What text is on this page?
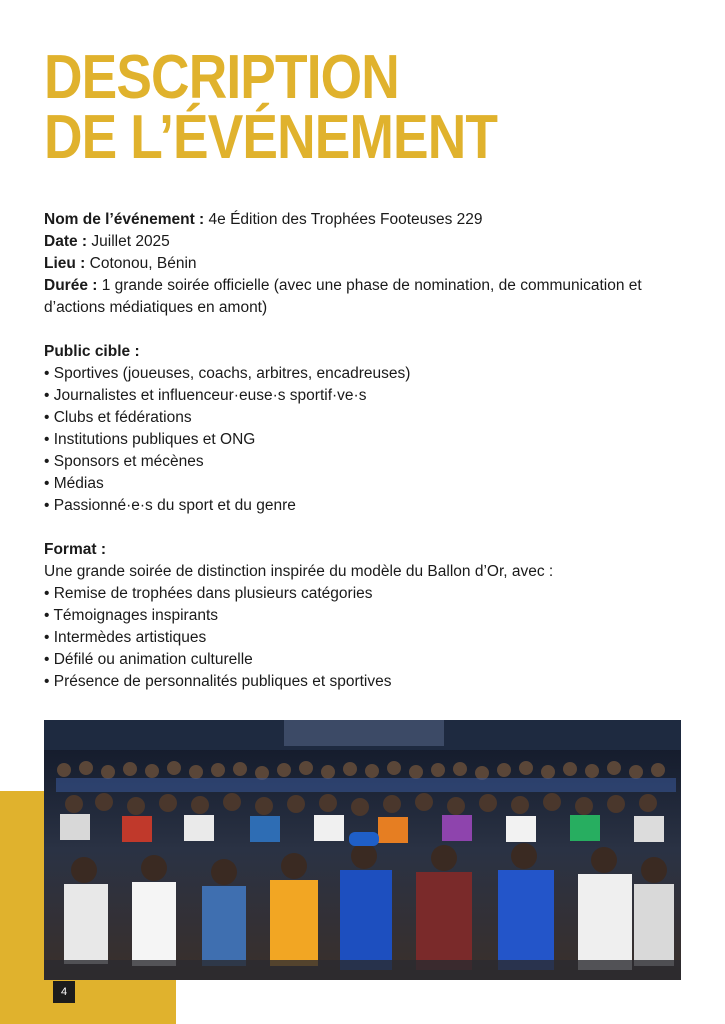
DESCRIPTION
DE L’ÉVÉNEMENT

Nom de l’événement : 4e Édition des Trophées Footeuses 229

Date : Juillet 2025

Lieu : Cotonou, Bénin

Durée : 1 grande soirée officielle (avec une phase de nomination, de communication et d’actions médiatiques en amont)

Public cible :
• Sportives (joueuses, coachs, arbitres, encadreuses)
• Journalistes et influenceur·euse·s sportif·ve·s
• Clubs et fédérations
• Institutions publiques et ONG
• Sponsors et mécènes
• Médias
• Passionné·e·s du sport et du genre
Format :

Une grande soirée de distinction inspirée du modèle du Ballon d’Or, avec :

• Remise de trophées dans plusieurs catégories
• Témoignages inspirants
• Intermèdes artistiques
• Défilé ou animation culturelle
• Présence de personnalités publiques et sportives
4
